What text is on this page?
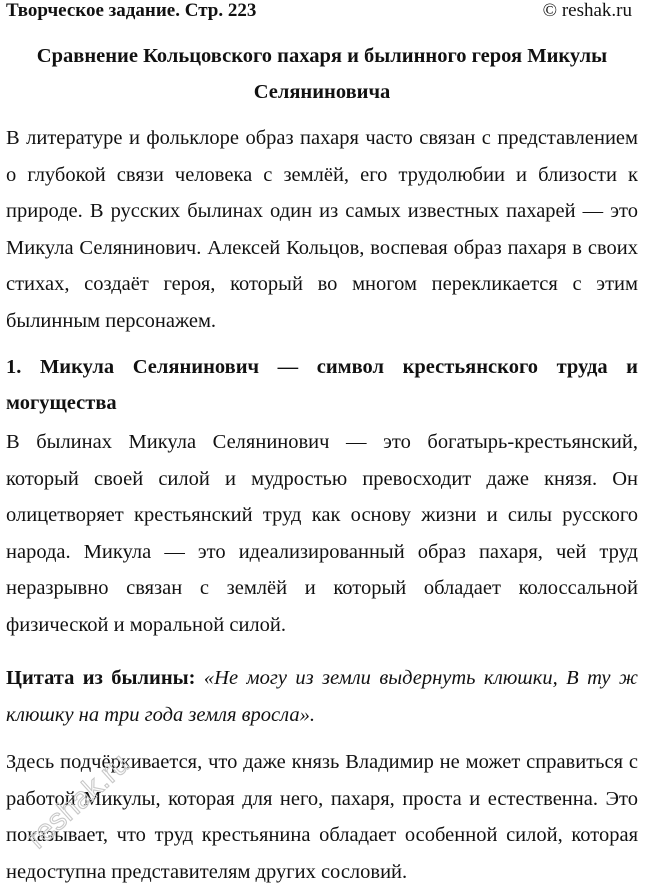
Творческое задание. Стр. 223	© reshak.ru
Сравнение Кольцовского пахаря и былинного героя Микулы Селяниновича
В литературе и фольклоре образ пахаря часто связан с представлением о глубокой связи человека с землёй, его трудолюбии и близости к природе. В русских былинах один из самых известных пахарей — это Микула Селянинович. Алексей Кольцов, воспевая образ пахаря в своих стихах, создаёт героя, который во многом перекликается с этим былинным персонажем.
1. Микула Селянинович — символ крестьянского труда и могущества
В былинах Микула Селянинович — это богатырь-крестьянский, который своей силой и мудростью превосходит даже князя. Он олицетворяет крестьянский труд как основу жизни и силы русского народа. Микула — это идеализированный образ пахаря, чей труд неразрывно связан с землёй и который обладает колоссальной физической и моральной силой.
Цитата из былины: «Не могу из земли выдернуть клюшки, В ту ж клюшку на три года земля вросла».
Здесь подчёркивается, что даже князь Владимир не может справиться с работой Микулы, которая для него, пахаря, проста и естественна. Это показывает, что труд крестьянина обладает особенной силой, которая недоступна представителям других сословий.
reshak.ru
